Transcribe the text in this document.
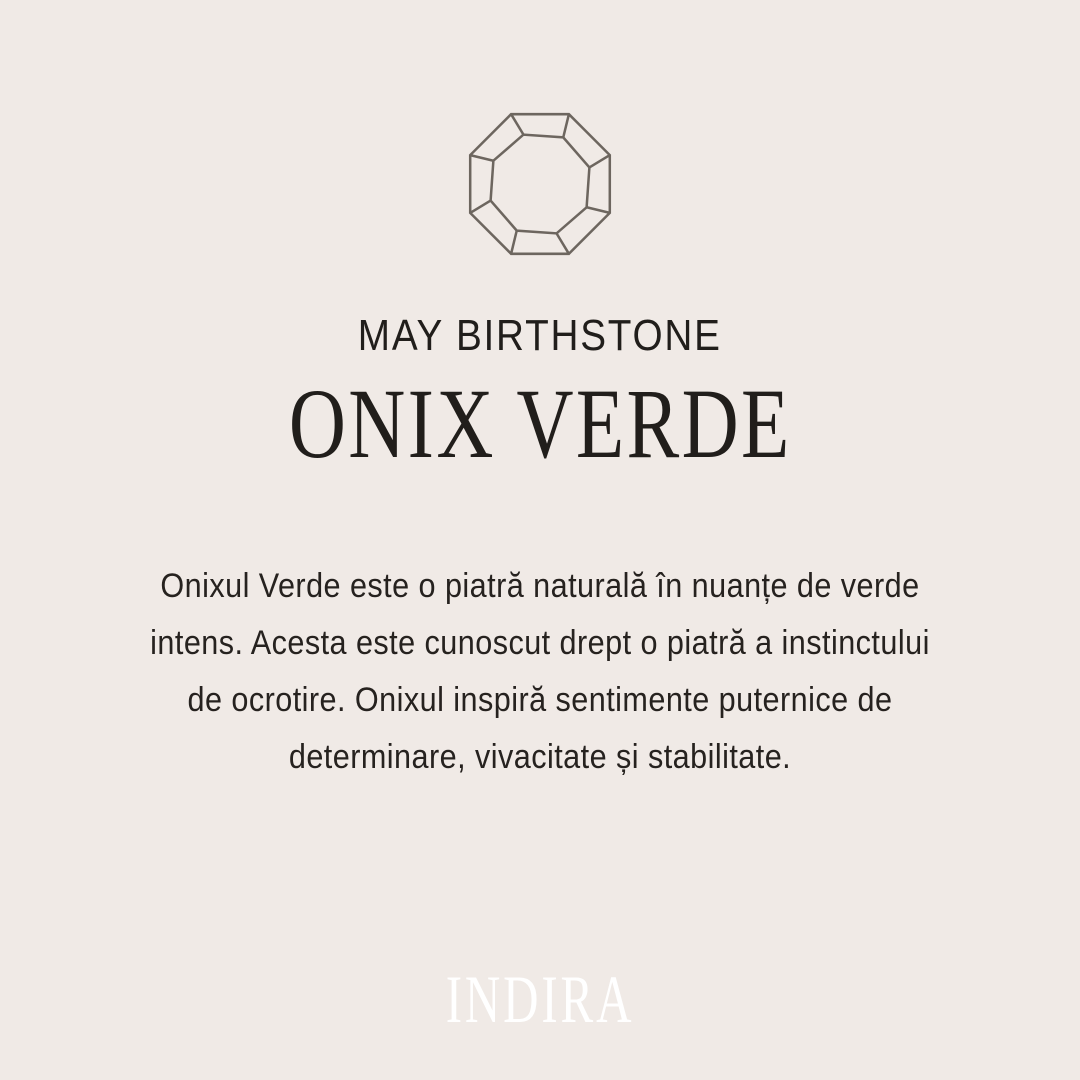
MAY BIRTHSTONE
ONIX VERDE
Onixul Verde este o piatră naturală în nuanțe de verde
intens. Acesta este cunoscut drept o piatră a instinctului
de ocrotire. Onixul inspiră sentimente puternice de
determinare, vivacitate și stabilitate.
INDIRA
